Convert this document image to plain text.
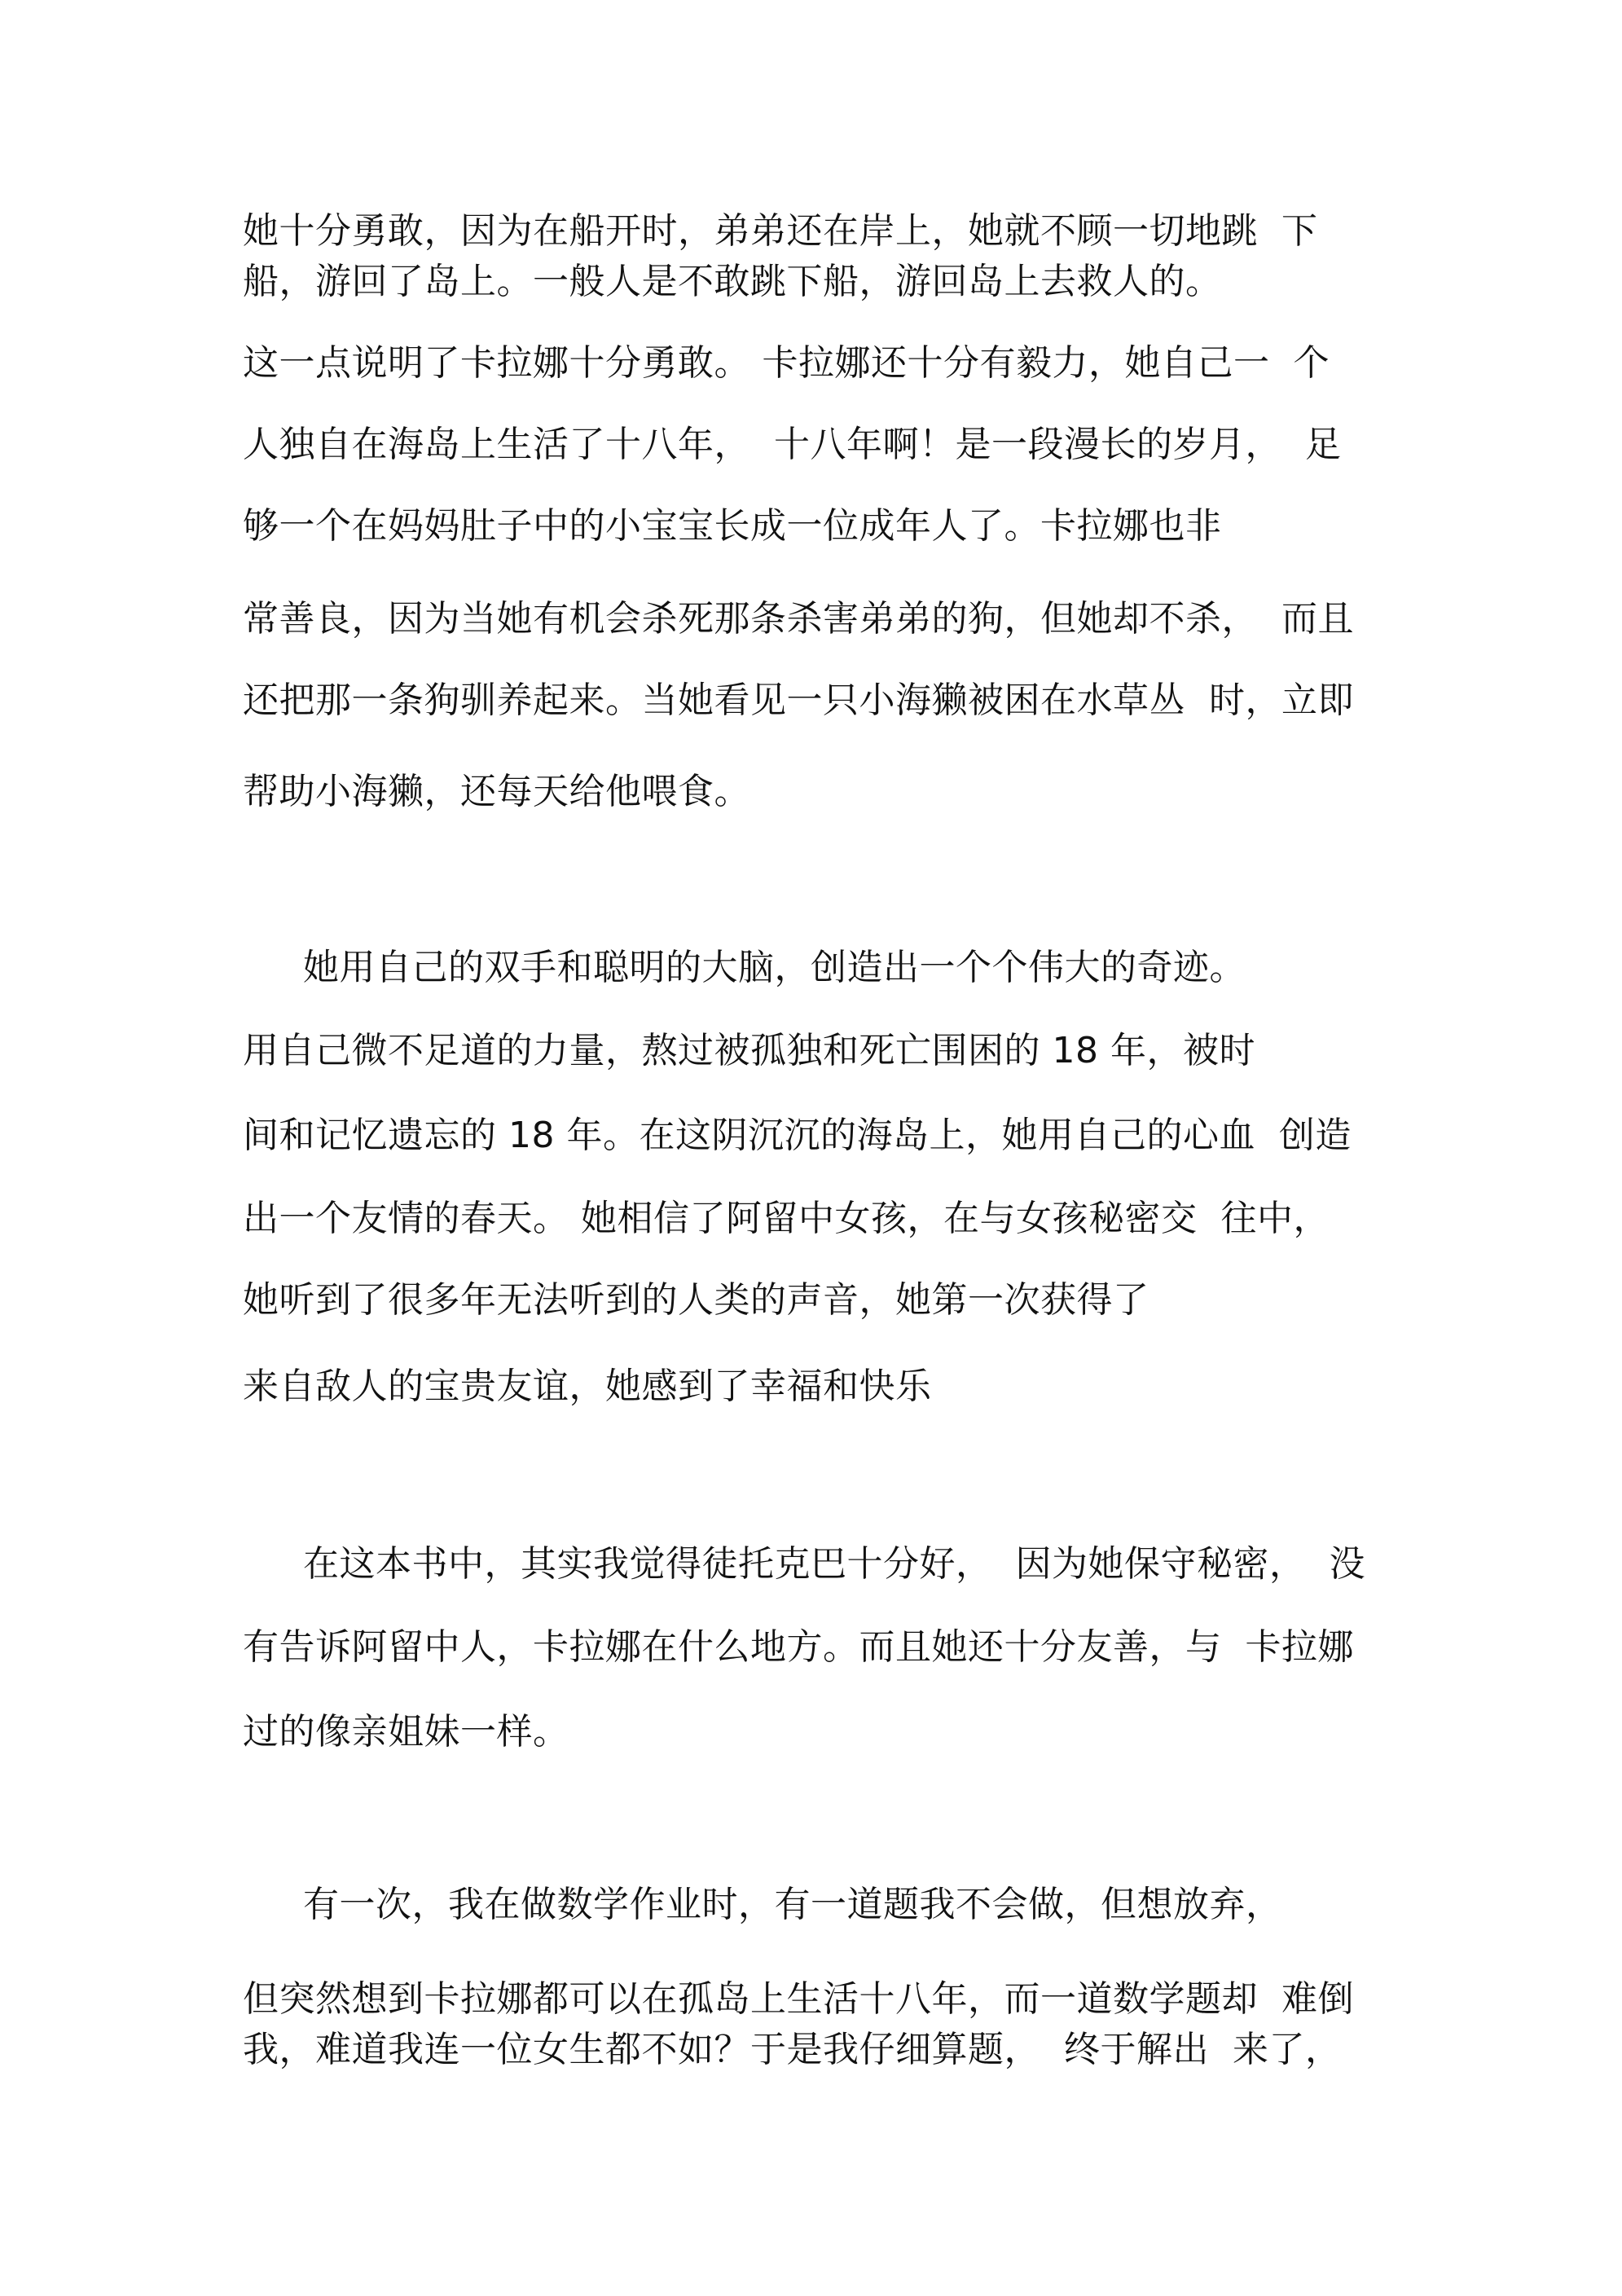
她十分勇敢，因为在船开时，弟弟还在岸上，她就不顾一切地跳  下
船，游回了岛上。一般人是不敢跳下船，游回岛上去救人的。
这一点说明了卡拉娜十分勇敢。 卡拉娜还十分有毅力，她自己一  个
人独自在海岛上生活了十八年，  十八年啊！是一段漫长的岁月，  足
够一个在妈妈肚子中的小宝宝长成一位成年人了。卡拉娜也非
常善良，因为当她有机会杀死那条杀害弟弟的狗，但她却不杀，  而且
还把那一条狗驯养起来。当她看见一只小海獭被困在水草丛  时，立即
帮助小海獭，还每天给他喂食。
她用自己的双手和聪明的大脑，创造出一个个伟大的奇迹。
用自己微不足道的力量，熬过被孤独和死亡围困的 18 年，被时
间和记忆遗忘的 18 年。在这阴沉沉的海岛上，她用自己的心血  创造
出一个友情的春天。 她相信了阿留中女孩，在与女孩秘密交  往中，
她听到了很多年无法听到的人类的声音，她第一次获得了
来自敌人的宝贵友谊，她感到了幸福和快乐
在这本书中，其实我觉得徒托克巴十分好，  因为她保守秘密，  没
有告诉阿留中人，卡拉娜在什么地方。而且她还十分友善，与  卡拉娜
过的像亲姐妹一样。
有一次，我在做数学作业时，有一道题我不会做，但想放弃，
但突然想到卡拉娜都可以在孤岛上生活十八年，而一道数学题却  难倒
我，难道我连一位女生都不如？于是我仔细算题，  终于解出  来了，
